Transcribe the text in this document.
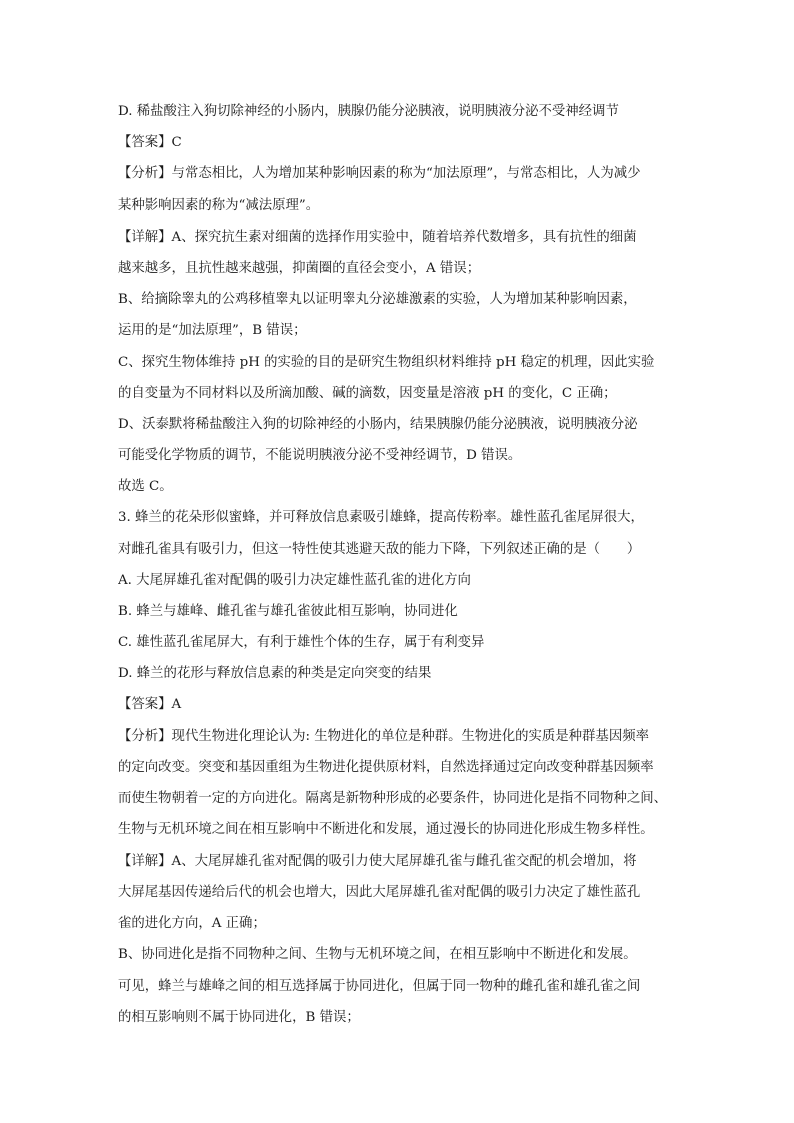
D. 稀盐酸注入狗切除神经的小肠内，胰腺仍能分泌胰液，说明胰液分泌不受神经调节
【答案】C
【分析】与常态相比，人为增加某种影响因素的称为“加法原理”，与常态相比，人为减少
某种影响因素的称为“减法原理”。
【详解】A、探究抗生素对细菌的选择作用实验中，随着培养代数增多，具有抗性的细菌
越来越多，且抗性越来越强，抑菌圈的直径会变小，A 错误；
B、给摘除睾丸的公鸡移植睾丸以证明睾丸分泌雄激素的实验，人为增加某种影响因素，
运用的是“加法原理”，B 错误；
C、探究生物体维持 pH 的实验的目的是研究生物组织材料维持 pH 稳定的机理，因此实验
的自变量为不同材料以及所滴加酸、碱的滴数，因变量是溶液 pH 的变化，C 正确；
D、沃泰默将稀盐酸注入狗的切除神经的小肠内，结果胰腺仍能分泌胰液，说明胰液分泌
可能受化学物质的调节，不能说明胰液分泌不受神经调节，D 错误。
故选 C。
3. 蜂兰的花朵形似蜜蜂，并可释放信息素吸引雄蜂，提高传粉率。雄性蓝孔雀尾屏很大，
对雌孔雀具有吸引力，但这一特性使其逃避天敌的能力下降，下列叙述正确的是（　　）
A. 大尾屏雄孔雀对配偶的吸引力决定雄性蓝孔雀的进化方向
B. 蜂兰与雄峰、雌孔雀与雄孔雀彼此相互影响，协同进化
C. 雄性蓝孔雀尾屏大，有利于雄性个体的生存，属于有利变异
D. 蜂兰的花形与释放信息素的种类是定向突变的结果
【答案】A
【分析】现代生物进化理论认为: 生物进化的单位是种群。生物进化的实质是种群基因频率
的定向改变。突变和基因重组为生物进化提供原材料，自然选择通过定向改变种群基因频率
而使生物朝着一定的方向进化。隔离是新物种形成的必要条件，协同进化是指不同物种之间、
生物与无机环境之间在相互影响中不断进化和发展，通过漫长的协同进化形成生物多样性。
【详解】A、大尾屏雄孔雀对配偶的吸引力使大尾屏雄孔雀与雌孔雀交配的机会增加，将
大屏尾基因传递给后代的机会也增大，因此大尾屏雄孔雀对配偶的吸引力决定了雄性蓝孔
雀的进化方向，A 正确；
B、协同进化是指不同物种之间、生物与无机环境之间，在相互影响中不断进化和发展。
可见，蜂兰与雄峰之间的相互选择属于协同进化，但属于同一物种的雌孔雀和雄孔雀之间
的相互影响则不属于协同进化，B 错误；
